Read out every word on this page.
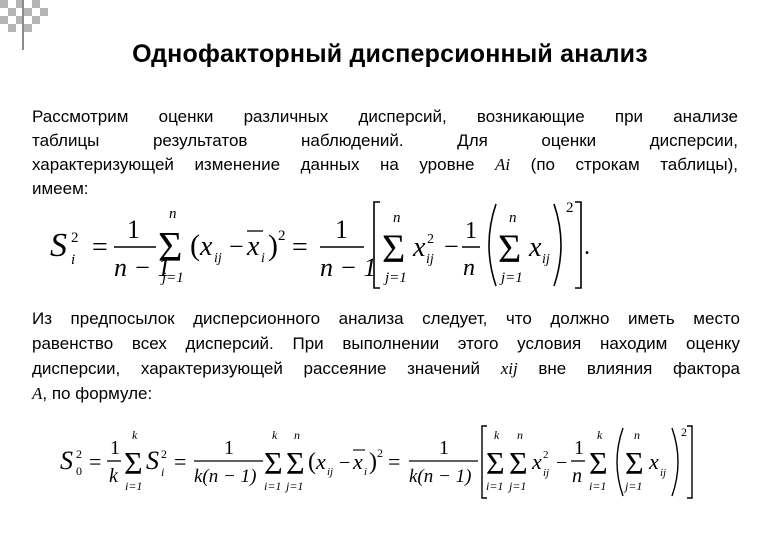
Однофакторный дисперсионный анализ
Рассмотрим оценки различных дисперсий, возникающие при анализе
таблицы результатов наблюдений. Для оценки дисперсии,
характеризующей изменение данных на уровне Ai (по строкам таблицы),
имеем:
S i
2 =
1
n − 1
n
Σ
j=1
( x ij − x i ) 2 =
1
n − 1
n
Σ
j=1
x 2
ij −
1
n
n
Σ
j=1
x ij
2
.
Из предпосылок дисперсионного анализа следует, что должно иметь место
равенство всех дисперсий. При выполнении этого условия находим оценку
дисперсии, характеризующей рассеяние значений xij вне влияния фактора
A, по формуле:
S 0
2 =
1
k
k
Σ
i=1
S i
2 =
1
k(n − 1)
k
Σ
i=1
n
Σ
j=1
( x ij − x i ) 2 =
1
k(n − 1)
k
Σ
i=1
n
Σ
j=1
x 2
ij −
1
n
k
Σ
i=1
n
Σ
j=1
x ij
2
